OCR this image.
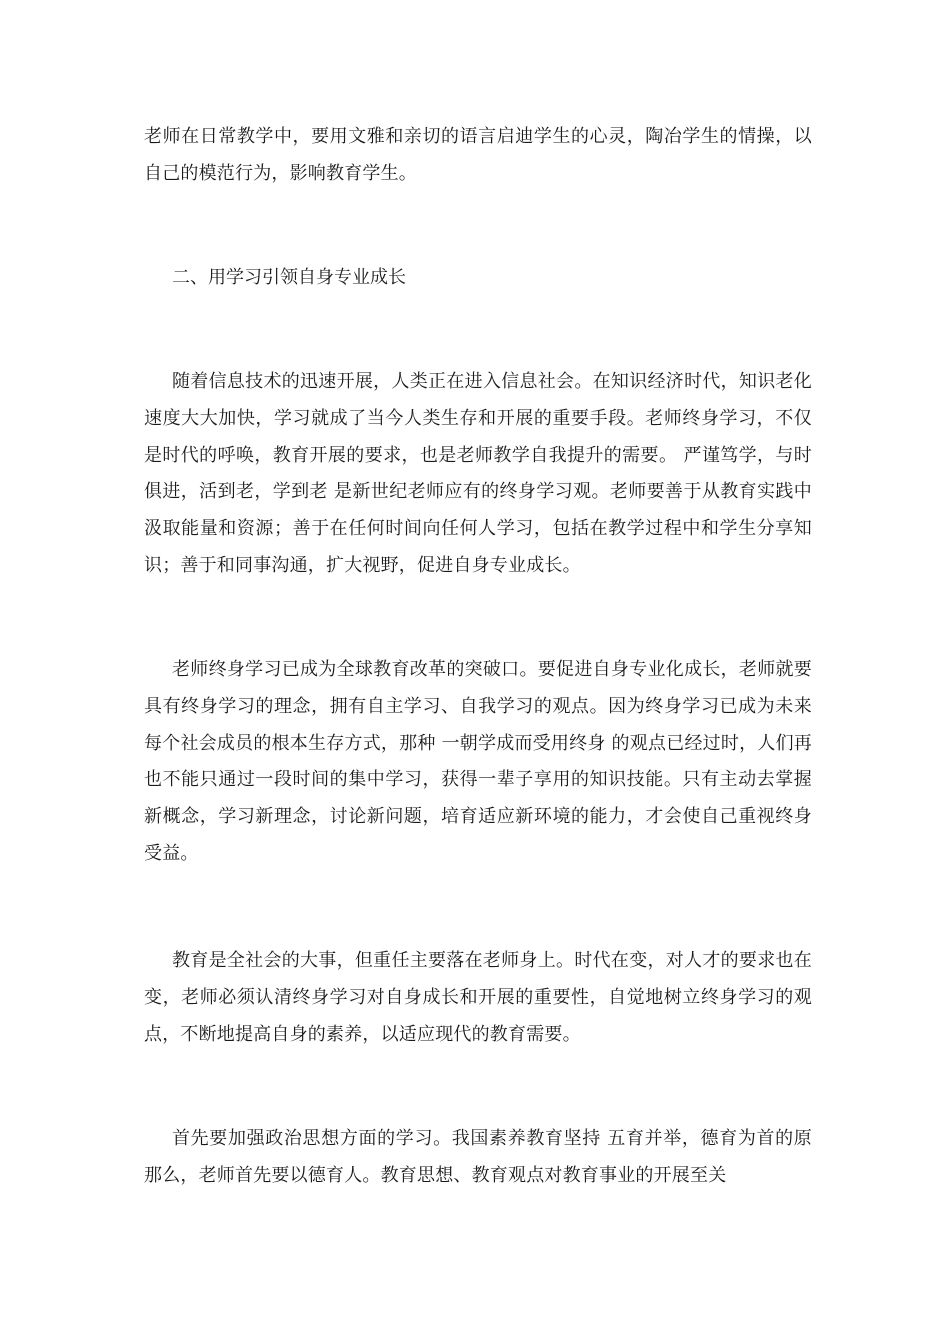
老师在日常教学中，要用文雅和亲切的语言启迪学生的心灵，陶冶学生的情操，以自己的模范行为，影响教育学生。

二、用学习引领自身专业成长

随着信息技术的迅速开展，人类正在进入信息社会。在知识经济时代，知识老化速度大大加快，学习就成了当今人类生存和开展的重要手段。老师终身学习，不仅是时代的呼唤，教育开展的要求，也是老师教学自我提升的需要。 严谨笃学，与时俱进，活到老，学到老 是新世纪老师应有的终身学习观。老师要善于从教育实践中汲取能量和资源；善于在任何时间向任何人学习，包括在教学过程中和学生分享知识；善于和同事沟通，扩大视野，促进自身专业成长。

老师终身学习已成为全球教育改革的突破口。要促进自身专业化成长，老师就要具有终身学习的理念，拥有自主学习、自我学习的观点。因为终身学习已成为未来每个社会成员的根本生存方式，那种 一朝学成而受用终身 的观点已经过时，人们再也不能只通过一段时间的集中学习，获得一辈子享用的知识技能。只有主动去掌握新概念，学习新理念，讨论新问题，培育适应新环境的能力，才会使自己重视终身受益。

教育是全社会的大事，但重任主要落在老师身上。时代在变，对人才的要求也在变，老师必须认清终身学习对自身成长和开展的重要性，自觉地树立终身学习的观点，不断地提高自身的素养，以适应现代的教育需要。

首先要加强政治思想方面的学习。我国素养教育坚持 五育并举，德育为首的原那么，老师首先要以德育人。教育思想、教育观点对教育事业的开展至关
